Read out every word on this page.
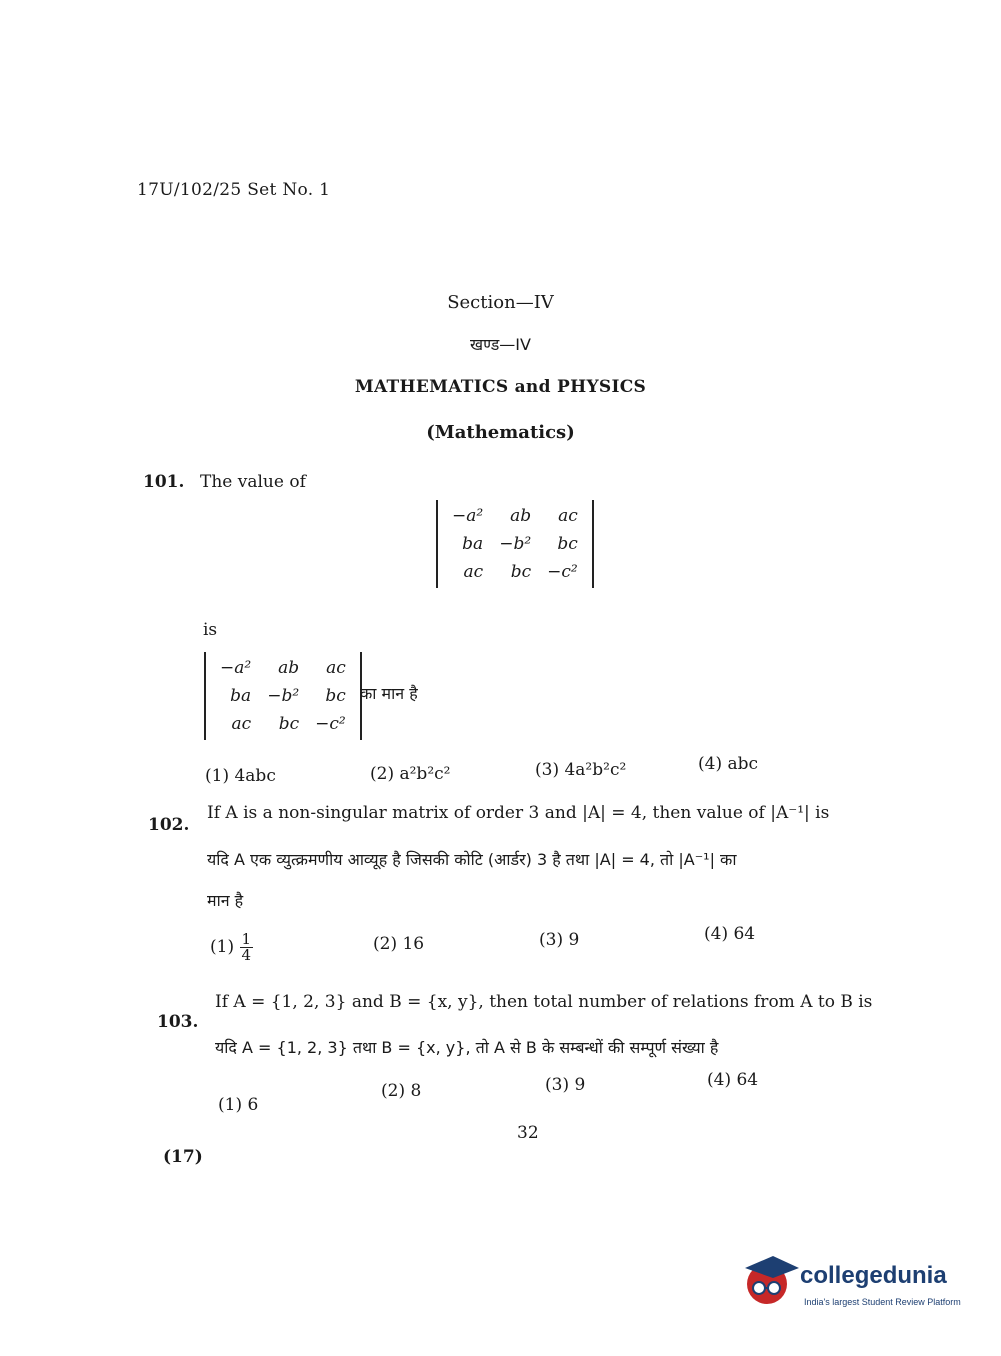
17U/102/25 Set No. 1
Section—IV
खण्ड—IV
MATHEMATICS and PHYSICS
(Mathematics)
101. The value of
−a²	ab	ac
ba	−b²	bc
ac	bc	−c²
is
−a²	ab	ac
ba	−b²	bc
ac	bc	−c²
का मान है
(1) 4abc	(2) a²b²c²	(3) 4a²b²c²	(4) abc
102.
If A is a non-singular matrix of order 3 and |A| = 4, then value of |A⁻¹| is
यदि A एक व्युत्क्रमणीय आव्यूह है जिसकी कोटि (आर्डर) 3 है तथा |A| = 4, तो |A⁻¹| का
मान है
$(1) \frac{1}{4}$	(2) 16	(3) 9	(4) 64
103.
If A = {1, 2, 3} and B = {x, y}, then total number of relations from A to B is
यदि A = {1, 2, 3} तथा B = {x, y}, तो A से B के सम्बन्धों की सम्पूर्ण संख्या है
(1) 6
(2) 8	(3) 9	(4) 64
32
(17)
collegedunia
India's largest Student Review Platform
